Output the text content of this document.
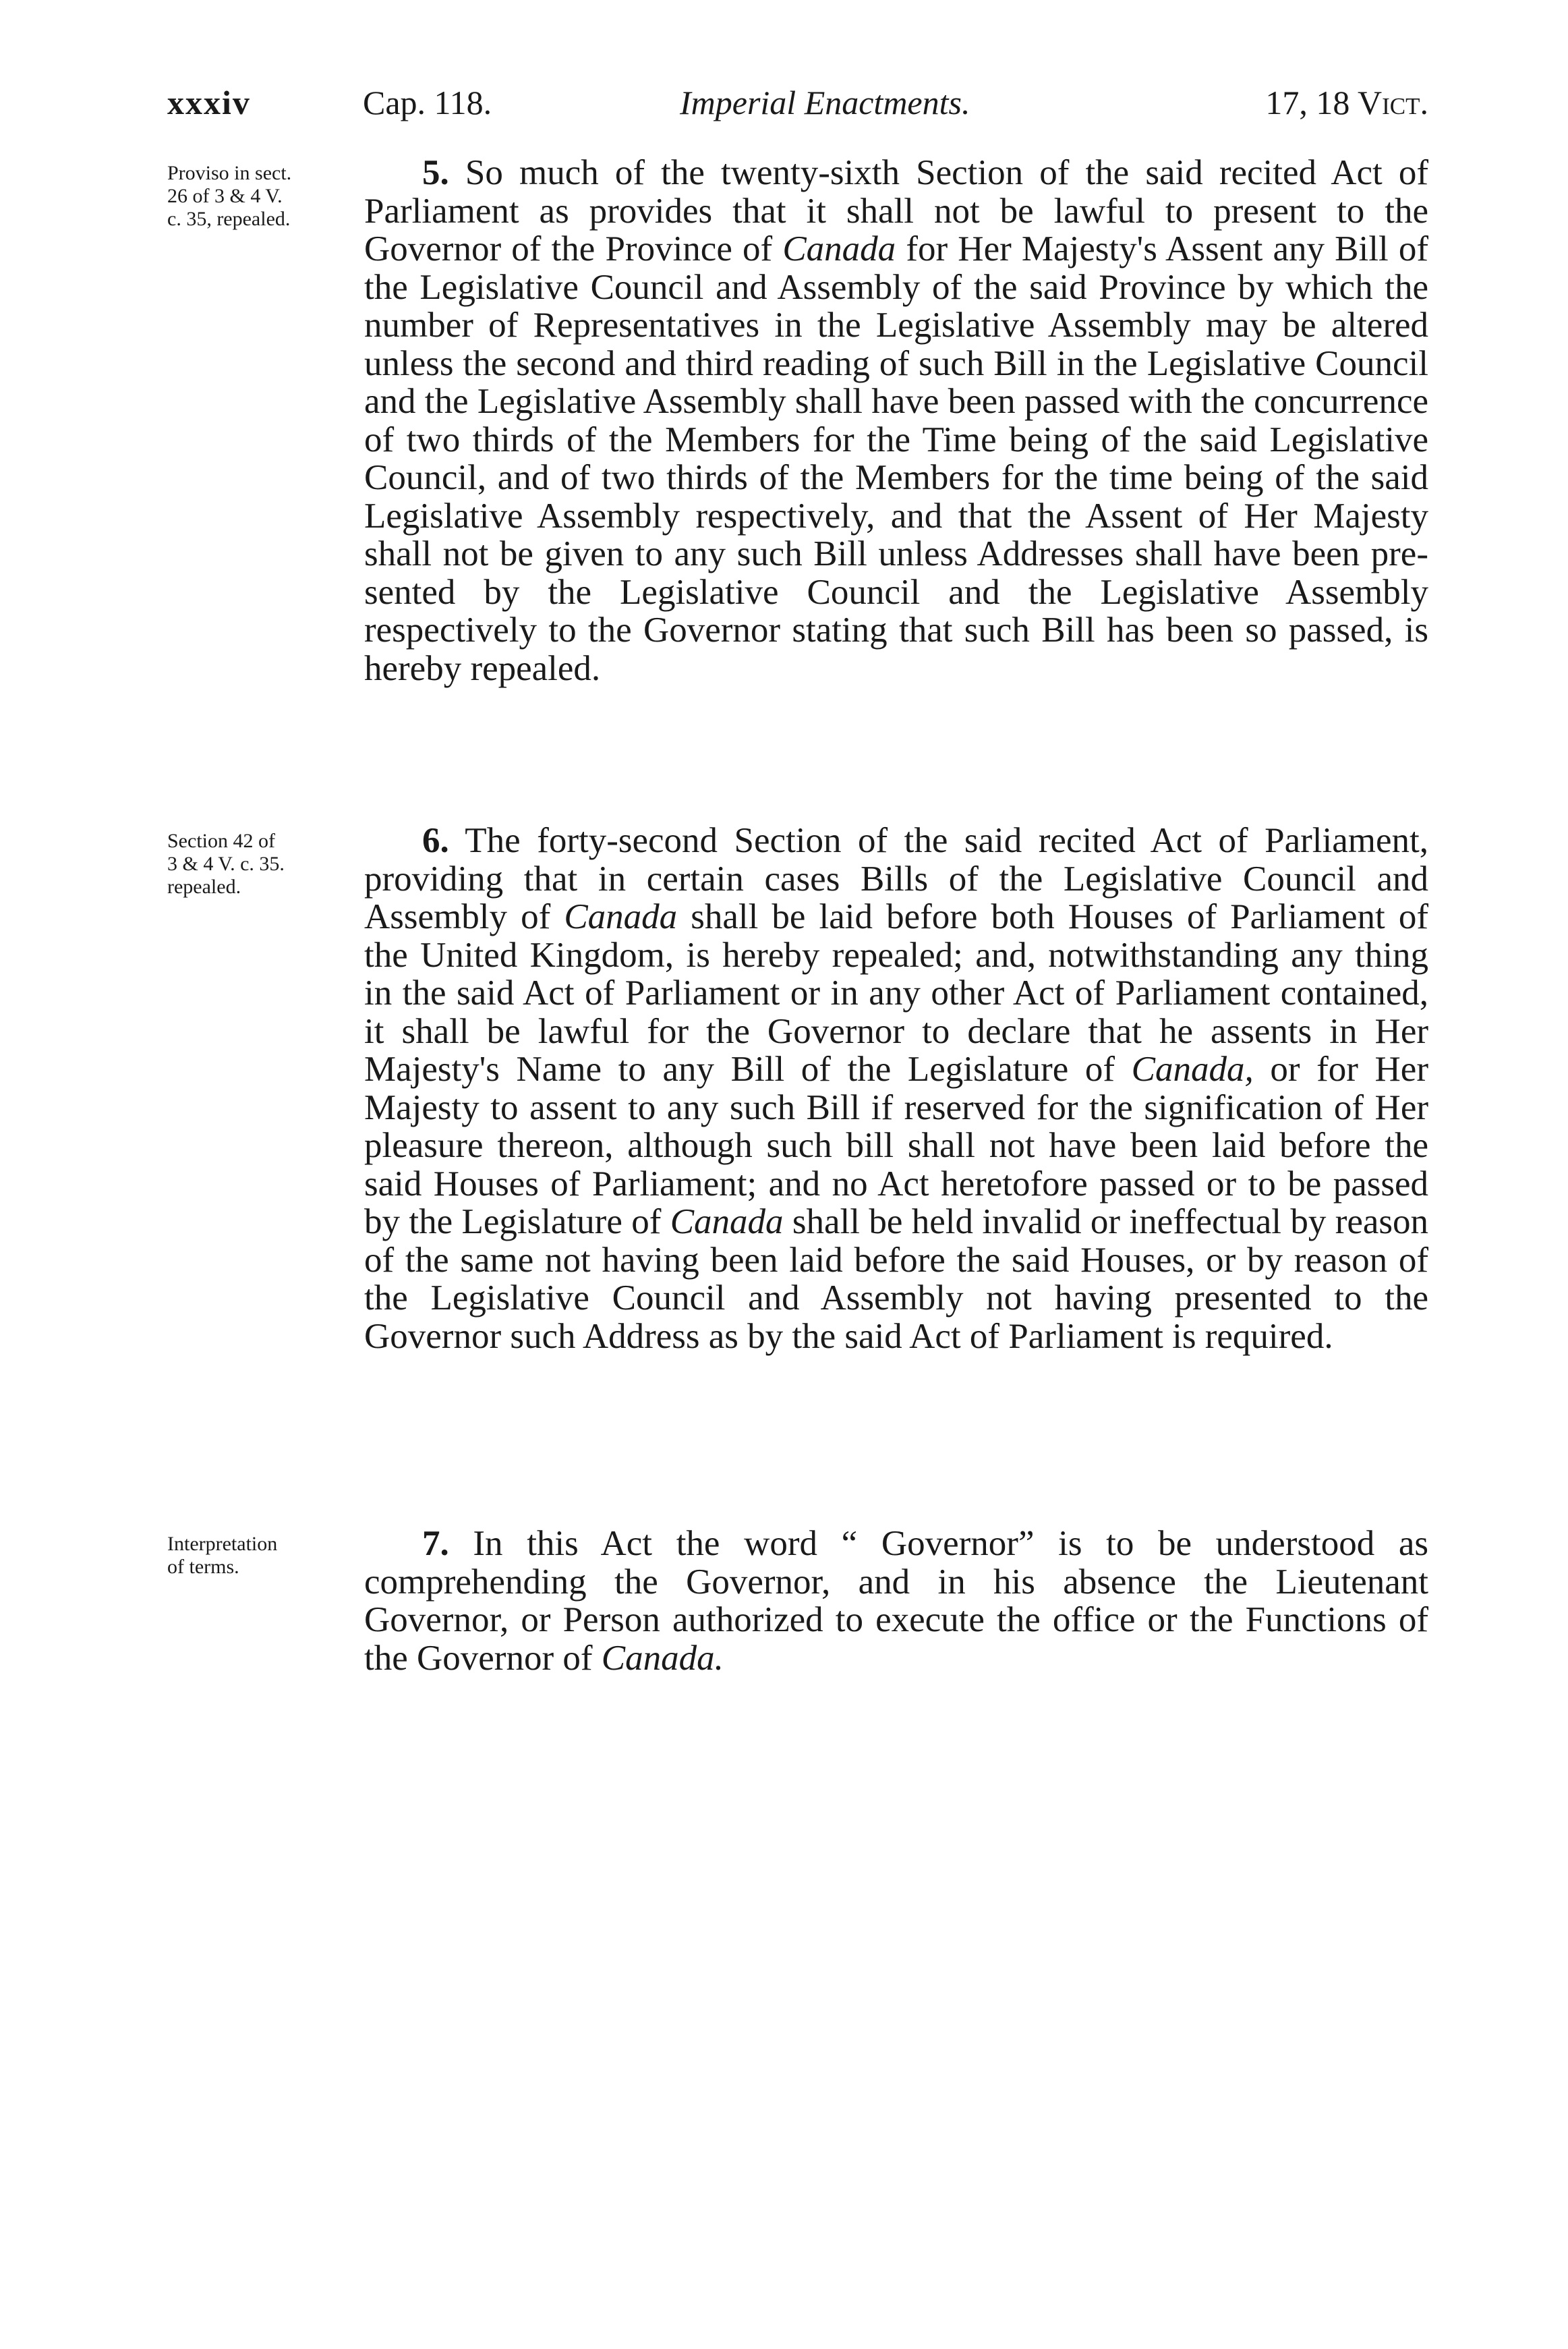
xxxiv	Cap. 118.	Imperial Enactments.	17, 18 Vict.
Proviso in sect.
26 of 3 & 4 V.
c. 35, repealed.
5. So much of the twenty-sixth Section of the said recited Act of Parliament as provides that it shall not be lawful to present to the Governor of the Province of Canada for Her Majesty's Assent any Bill of the Legislative Council and Assembly of the said Province by which the number of Representatives in the Legislative Assembly may be altered unless the second and third reading of such Bill in the Legislative Council and the Legislative Assembly shall have been passed with the concurrence of two thirds of the Members for the Time being of the said Legislative Council, and of two thirds of the Members for the time being of the said Legislative Assembly respectively, and that the Assent of Her Majesty shall not be given to any such Bill unless Addresses shall have been presented by the Legislative Council and the Legislative Assembly respectively to the Governor stating that such Bill has been so passed, is hereby repealed.
Section 42 of
3 & 4 V. c. 35.
repealed.
6. The forty-second Section of the said recited Act of Parliament, providing that in certain cases Bills of the Legislative Council and Assembly of Canada shall be laid before both Houses of Parliament of the United Kingdom, is hereby repealed; and, notwithstanding any thing in the said Act of Parliament or in any other Act of Parliament contained, it shall be lawful for the Governor to declare that he assents in Her Majesty's Name to any Bill of the Legislature of Canada, or for Her Majesty to assent to any such Bill if reserved for the signification of Her pleasure thereon, although such bill shall not have been laid before the said Houses of Parliament; and no Act heretofore passed or to be passed by the Legislature of Canada shall be held invalid or ineffectual by reason of the same not having been laid before the said Houses, or by reason of the Legislative Council and Assembly not having presented to the Governor such Address as by the said Act of Parliament is required.
Interpretation
of terms.
7. In this Act the word “ Governor” is to be understood as comprehending the Governor, and in his absence the Lieutenant Governor, or Person authorized to execute the office or the Functions of the Governor of Canada.
